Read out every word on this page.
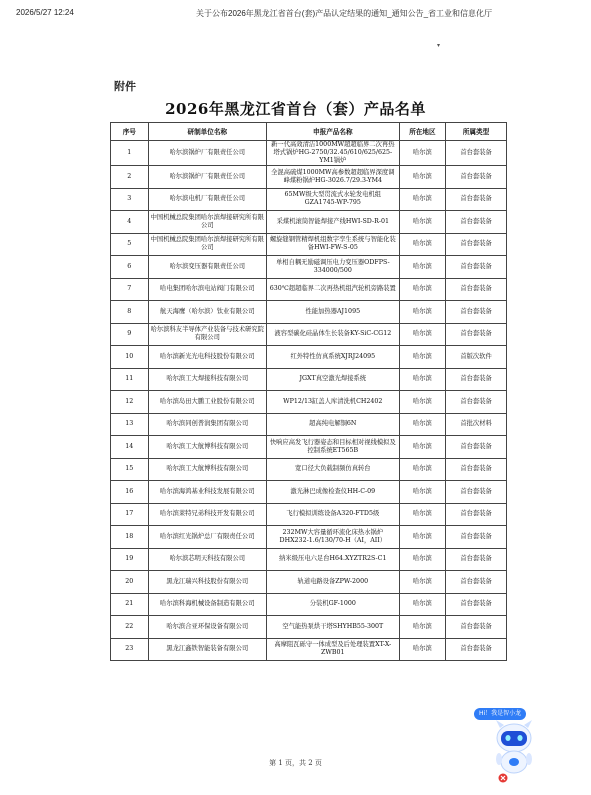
2026/5/27 12:24	关于公布2026年黑龙江省首台(套)产品认定结果的通知_通知公告_省工业和信息化厅
▾
附件
2026年黑龙江省首台（套）产品名单
序号	研制单位名称	申报产品名称	所在地区	所属类型
1	哈尔滨锅炉厂有限责任公司	新一代高效清洁1000MW超超临界二次再热塔式锅炉HG-2750/32.45/610/625/625-YM1锅炉	哈尔滨	首台套装备
2	哈尔滨锅炉厂有限责任公司	全混高硫煤1000MW高参数超超临界深度调峰煤粉锅炉HG-3026.7/29.3-YM4	哈尔滨	首台套装备
3	哈尔滨电机厂有限责任公司	65MW级大型贯流式水轮发电机组GZA1745-WP-795	哈尔滨	首台套装备
4	中国机械总院集团哈尔滨焊接研究所有限公司	采煤机滚筒智能焊接产线HWI-SD-R-01	哈尔滨	首台套装备
5	中国机械总院集团哈尔滨焊接研究所有限公司	螺旋缝钢管精焊机组数字孪生系统与智能化装备HWI-FW-S-05	哈尔滨	首台套装备
6	哈尔滨变压器有限责任公司	单相自耦无励磁调压电力变压器ODFPS-334000/500	哈尔滨	首台套装备
7	哈电集团哈尔滨电站阀门有限公司	630℃超超临界二次再热机组汽轮机旁路装置	哈尔滨	首台套装备
8	航天海鹰（哈尔滨）钛业有限公司	性能加热器AJ1095	哈尔滨	首台套装备
9	哈尔滨科友半导体产业装备与技术研究院有限公司	液容型碳化硅晶体生长装备KY-SiC-CG12	哈尔滨	首台套装备
10	哈尔滨新光光电科技股份有限公司	红外特性仿真系统XJRJ24095	哈尔滨	首版次软件
11	哈尔滨工大焊接科技有限公司	JGXT真空激光焊接系统	哈尔滨	首台套装备
12	哈尔滨岛田大鹏工业股份有限公司	WP12/13缸盖人库清洗机CH2402	哈尔滨	首台套装备
13	哈尔滨同创普润集团有限公司	超高纯电解铜6N	哈尔滨	首批次材料
14	哈尔滨工大航博科技有限公司	快响应高发飞行器姿态和目标相对视线模拟及控制系统ET565B	哈尔滨	首台套装备
15	哈尔滨工大航博科技有限公司	宽口径大负载制频仿真转台	哈尔滨	首台套装备
16	哈尔滨海鸿基业科技发展有限公司	激光淋巴成像检查仪HH-C-09	哈尔滨	首台套装备
17	哈尔滨莱特兄弟科技开发有限公司	飞行模拟训练设备A320-FTD5级	哈尔滨	首台套装备
18	哈尔滨红光锅炉总厂有限责任公司	232MW大容量循环流化床热水锅炉DHX232-1.6/130/70-H（AI，AII）	哈尔滨	首台套装备
19	哈尔滨芯明天科技有限公司	纳米级压电六足台H64.XYZTR2S-C1	哈尔滨	首台套装备
20	黑龙江瑞兴科技股份有限公司	轨道电路设备ZPW-2000	哈尔滨	首台套装备
21	哈尔滨科海机械设备制造有限公司	分装机GF-1000	哈尔滨	首台套装备
22	哈尔滨合亚环保设备有限公司	空气能热泵烘干塔SHYHB55-300T	哈尔滨	首台套装备
23	黑龙江鑫铁智能装备有限公司	高摩阻瓦砾守一体成型及后处理装置XT-X-ZWB01	哈尔滨	首台套装备
第 1 页，共 2 页
Hi！我是智小龙
